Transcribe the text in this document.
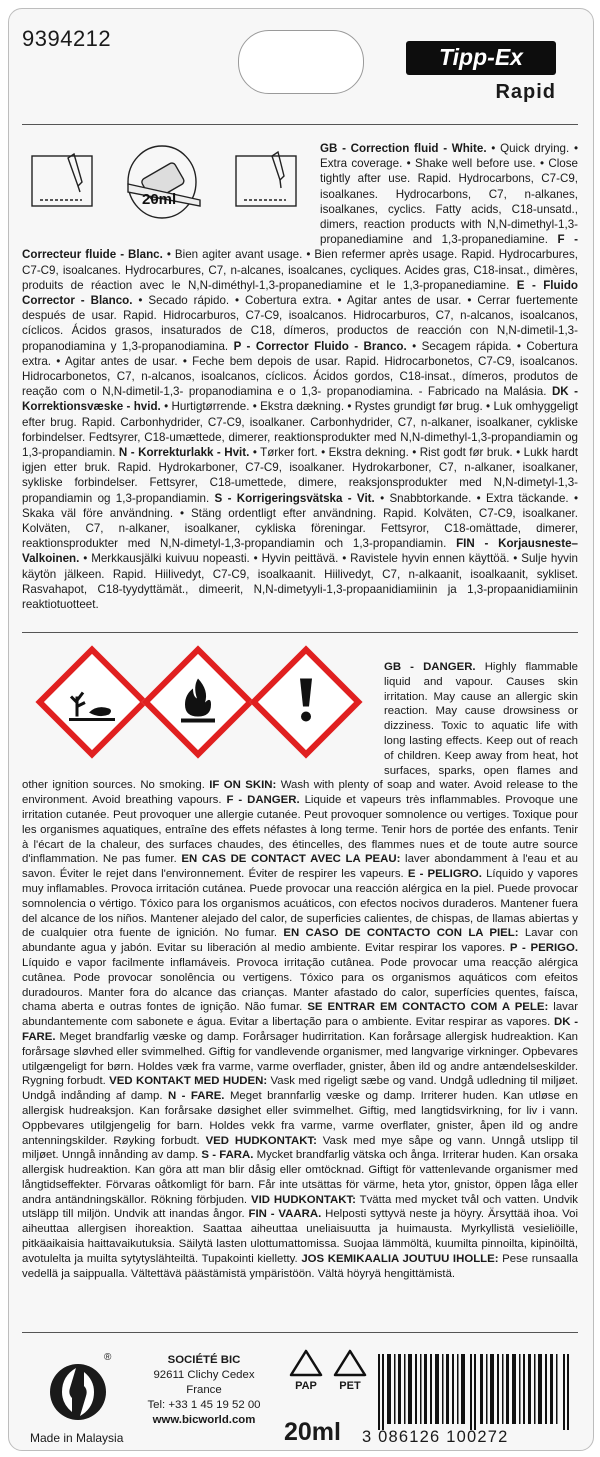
9394212
Tipp-Ex
Rapid
20ml
GB - Correction fluid - White. • Quick drying. • Extra coverage. • Shake well before use. • Close tightly after use. Rapid. Hydrocarbons, C7-C9, isoalkanes. Hydrocarbons, C7, n-alkanes, isoalkanes, cyclics. Fatty acids, C18-unsatd., dimers, reaction products with N,N-dimethyl-1,3-propanediamine and 1,3-propanediamine. F - Correcteur fluide - Blanc. • Bien agiter avant usage. • Bien refermer après usage. Rapid. Hydrocarbures, C7-C9, isoalcanes. Hydrocarbures, C7, n-alcanes, isoalcanes, cycliques. Acides gras, C18-insat., dimères, produits de réaction avec le N,N-diméthyl-1,3-propanediamine et le 1,3-propanediamine. E - Fluido Corrector - Blanco. • Secado rápido. • Cobertura extra. • Agitar antes de usar. • Cerrar fuertemente después de usar. Rapid. Hidrocarburos, C7-C9, isoalcanos. Hidrocarburos, C7, n-alcanos, isoalcanos, cíclicos. Ácidos grasos, insaturados de C18, dímeros, productos de reacción con N,N-dimetil-1,3-propanodiamina y 1,3-propanodiamina. P - Corrector Fluido - Branco. • Secagem rápida. • Cobertura extra. • Agitar antes de usar. • Feche bem depois de usar. Rapid. Hidrocarbonetos, C7-C9, isoalcanos. Hidrocarbonetos, C7, n-alcanos, isoalcanos, cíclicos. Ácidos gordos, C18-insat., dímeros, produtos de reação com o N,N-dimetil-1,3- propanodiamina e o 1,3- propanodiamina. - Fabricado na Malásia. DK - Korrektionsvæske - hvid. • Hurtigtørrende. • Ekstra dækning. • Rystes grundigt før brug. • Luk omhyggeligt efter brug. Rapid. Carbonhydrider, C7-C9, isoalkaner. Carbonhydrider, C7, n-alkaner, isoalkaner, cykliske forbindelser. Fedtsyrer, C18-umættede, dimerer, reaktionsprodukter med N,N-dimethyl-1,3-propandiamin og 1,3-propandiamin. N - Korrekturlakk - Hvit. • Tørker fort. • Ekstra dekning. • Rist godt før bruk. • Lukk hardt igjen etter bruk. Rapid. Hydrokarboner, C7-C9, isoalkaner. Hydrokarboner, C7, n-alkaner, isoalkaner, sykliske forbindelser. Fettsyrer, C18-umettede, dimere, reaksjonsprodukter med N,N-dimetyl-1,3-propandiamin og 1,3-propandiamin. S - Korrigeringsvätska - Vit. • Snabbtorkande. • Extra täckande. • Skaka väl före användning. • Stäng ordentligt efter användning. Rapid. Kolväten, C7-C9, isoalkaner. Kolväten, C7, n-alkaner, isoalkaner, cykliska föreningar. Fettsyror, C18-omättade, dimerer, reaktionsprodukter med N,N-dimetyl-1,3-propandiamin och 1,3-propandiamin. FIN - Korjausneste– Valkoinen. • Merkkausjälki kuivuu nopeasti. • Hyvin peittävä. • Ravistele hyvin ennen käyttöä. • Sulje hyvin käytön jälkeen. Rapid. Hiilivedyt, C7-C9, isoalkaanit. Hiilivedyt, C7, n-alkaanit, isoalkaanit, sykliset. Rasvahapot, C18-tyydyttämät., dimeerit, N,N-dimetyyli-1,3-propaanidiamiinin ja 1,3-propaanidiamiinin reaktiotuotteet.
GB - DANGER. Highly flammable liquid and vapour. Causes skin irritation. May cause an allergic skin reaction. May cause drowsiness or dizziness. Toxic to aquatic life with long lasting effects. Keep out of reach of children. Keep away from heat, hot surfaces, sparks, open flames and other ignition sources. No smoking. IF ON SKIN: Wash with plenty of soap and water. Avoid release to the environment. Avoid breathing vapours. F - DANGER. Liquide et vapeurs très inflammables. Provoque une irritation cutanée. Peut provoquer une allergie cutanée. Peut provoquer somnolence ou vertiges. Toxique pour les organismes aquatiques, entraîne des effets néfastes à long terme. Tenir hors de portée des enfants. Tenir à l'écart de la chaleur, des surfaces chaudes, des étincelles, des flammes nues et de toute autre source d'inflammation. Ne pas fumer. EN CAS DE CONTACT AVEC LA PEAU: laver abondamment à l'eau et au savon. Éviter le rejet dans l'environnement. Éviter de respirer les vapeurs. E - PELIGRO. Líquido y vapores muy inflamables. Provoca irritación cutánea. Puede provocar una reacción alérgica en la piel. Puede provocar somnolencia o vértigo. Tóxico para los organismos acuáticos, con efectos nocivos duraderos. Mantener fuera del alcance de los niños. Mantener alejado del calor, de superficies calientes, de chispas, de llamas abiertas y de cualquier otra fuente de ignición. No fumar. EN CASO DE CONTACTO CON LA PIEL: Lavar con abundante agua y jabón. Evitar su liberación al medio ambiente. Evitar respirar los vapores. P - PERIGO. Líquido e vapor facilmente inflamáveis. Provoca irritação cutânea. Pode provocar uma reacção alérgica cutânea. Pode provocar sonolência ou vertigens. Tóxico para os organismos aquáticos com efeitos duradouros. Manter fora do alcance das crianças. Manter afastado do calor, superfícies quentes, faísca, chama aberta e outras fontes de ignição. Não fumar. SE ENTRAR EM CONTACTO COM A PELE: lavar abundantemente com sabonete e água. Evitar a libertação para o ambiente. Evitar respirar as vapores. DK - FARE. Meget brandfarlig væske og damp. Forårsager hudirritation. Kan forårsage allergisk hudreaktion. Kan forårsage sløvhed eller svimmelhed. Giftig for vandlevende organismer, med langvarige virkninger. Opbevares utilgængeligt for børn. Holdes væk fra varme, varme overflader, gnister, åben ild og andre antændelseskilder. Rygning forbudt. VED KONTAKT MED HUDEN: Vask med rigeligt sæbe og vand. Undgå udledning til miljøet. Undgå indånding af damp. N - FARE. Meget brannfarlig væske og damp. Irriterer huden. Kan utløse en allergisk hudreaksjon. Kan forårsake døsighet eller svimmelhet. Giftig, med langtidsvirkning, for liv i vann. Oppbevares utilgjengelig for barn. Holdes vekk fra varme, varme overflater, gnister, åpen ild og andre antenningskilder. Røyking forbudt. VED HUDKONTAKT: Vask med mye såpe og vann. Unngå utslipp til miljøet. Unngå innånding av damp. S - FARA. Mycket brandfarlig vätska och ånga. Irriterar huden. Kan orsaka allergisk hudreaktion. Kan göra att man blir dåsig eller omtöcknad. Giftigt för vattenlevande organismer med långtidseffekter. Förvaras oåtkomligt för barn. Får inte utsättas för värme, heta ytor, gnistor, öppen låga eller andra antändningskällor. Rökning förbjuden. VID HUDKONTAKT: Tvätta med mycket tvål och vatten. Undvik utsläpp till miljön. Undvik att inandas ångor. FIN - VAARA. Helposti syttyvä neste ja höyry. Ärsyttää ihoa. Voi aiheuttaa allergisen ihoreaktion. Saattaa aiheuttaa uneliaisuutta ja huimausta. Myrkyllistä vesieliöille, pitkäaikaisia haittavaikutuksia. Säilytä lasten ulottumattomissa. Suojaa lämmöltä, kuumilta pinnoilta, kipinöiltä, avotulelta ja muilta sytytyslähteiltä. Tupakointi kielletty. JOS KEMIKAALIA JOUTUU IHOLLE: Pese runsaalla vedellä ja saippualla. Vältettävä päästämistä ympäristöön. Vältä höyryä hengittämistä.
®
Made in Malaysia
SOCIÉTÉ BIC
92611 Clichy Cedex
France
Tel: +33 1 45 19 52 00
www.bicworld.com
PAP	PET
20ml 3 086126 100272
